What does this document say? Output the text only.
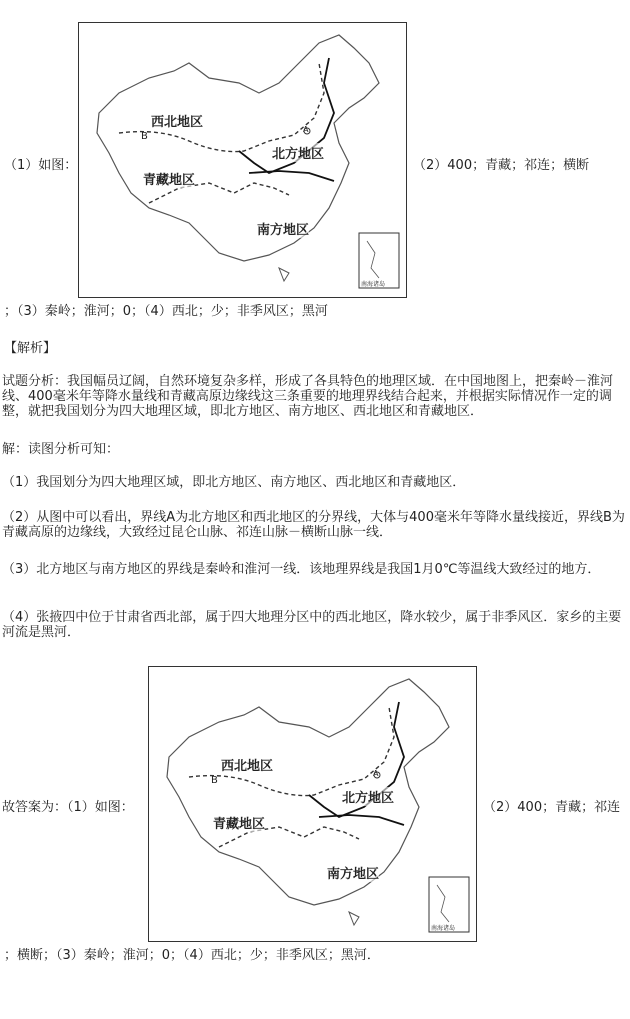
（1）如图：
西北地区
北方地区
青藏地区
南方地区
B
A
南海诸岛
（2）400；青藏；祁连；横断
；（3）秦岭；淮河；0；（4）西北；少；非季风区；黑河
【解析】
试题分析：我国幅员辽阔，自然环境复杂多样，形成了各具特色的地理区域．在中国地图上，把秦岭－淮河线、400毫米年等降水量线和青藏高原边缘线这三条重要的地理界线结合起来，并根据实际情况作一定的调整，就把我国划分为四大地理区域，即北方地区、南方地区、西北地区和青藏地区．
解：读图分析可知：
（1）我国划分为四大地理区域，即北方地区、南方地区、西北地区和青藏地区．
（2）从图中可以看出，界线A为北方地区和西北地区的分界线，大体与400毫米年等降水量线接近，界线B为青藏高原的边缘线，大致经过昆仑山脉、祁连山脉－横断山脉一线．
（3）北方地区与南方地区的界线是秦岭和淮河一线．该地理界线是我国1月0℃等温线大致经过的地方．
（4）张掖四中位于甘肃省西北部，属于四大地理分区中的西北地区，降水较少，属于非季风区．家乡的主要河流是黑河．
故答案为：（1）如图：
西北地区
北方地区
青藏地区
南方地区
B
A
南海诸岛
（2）400；青藏；祁连
；横断；（3）秦岭；淮河；0；（4）西北；少；非季风区；黑河．
